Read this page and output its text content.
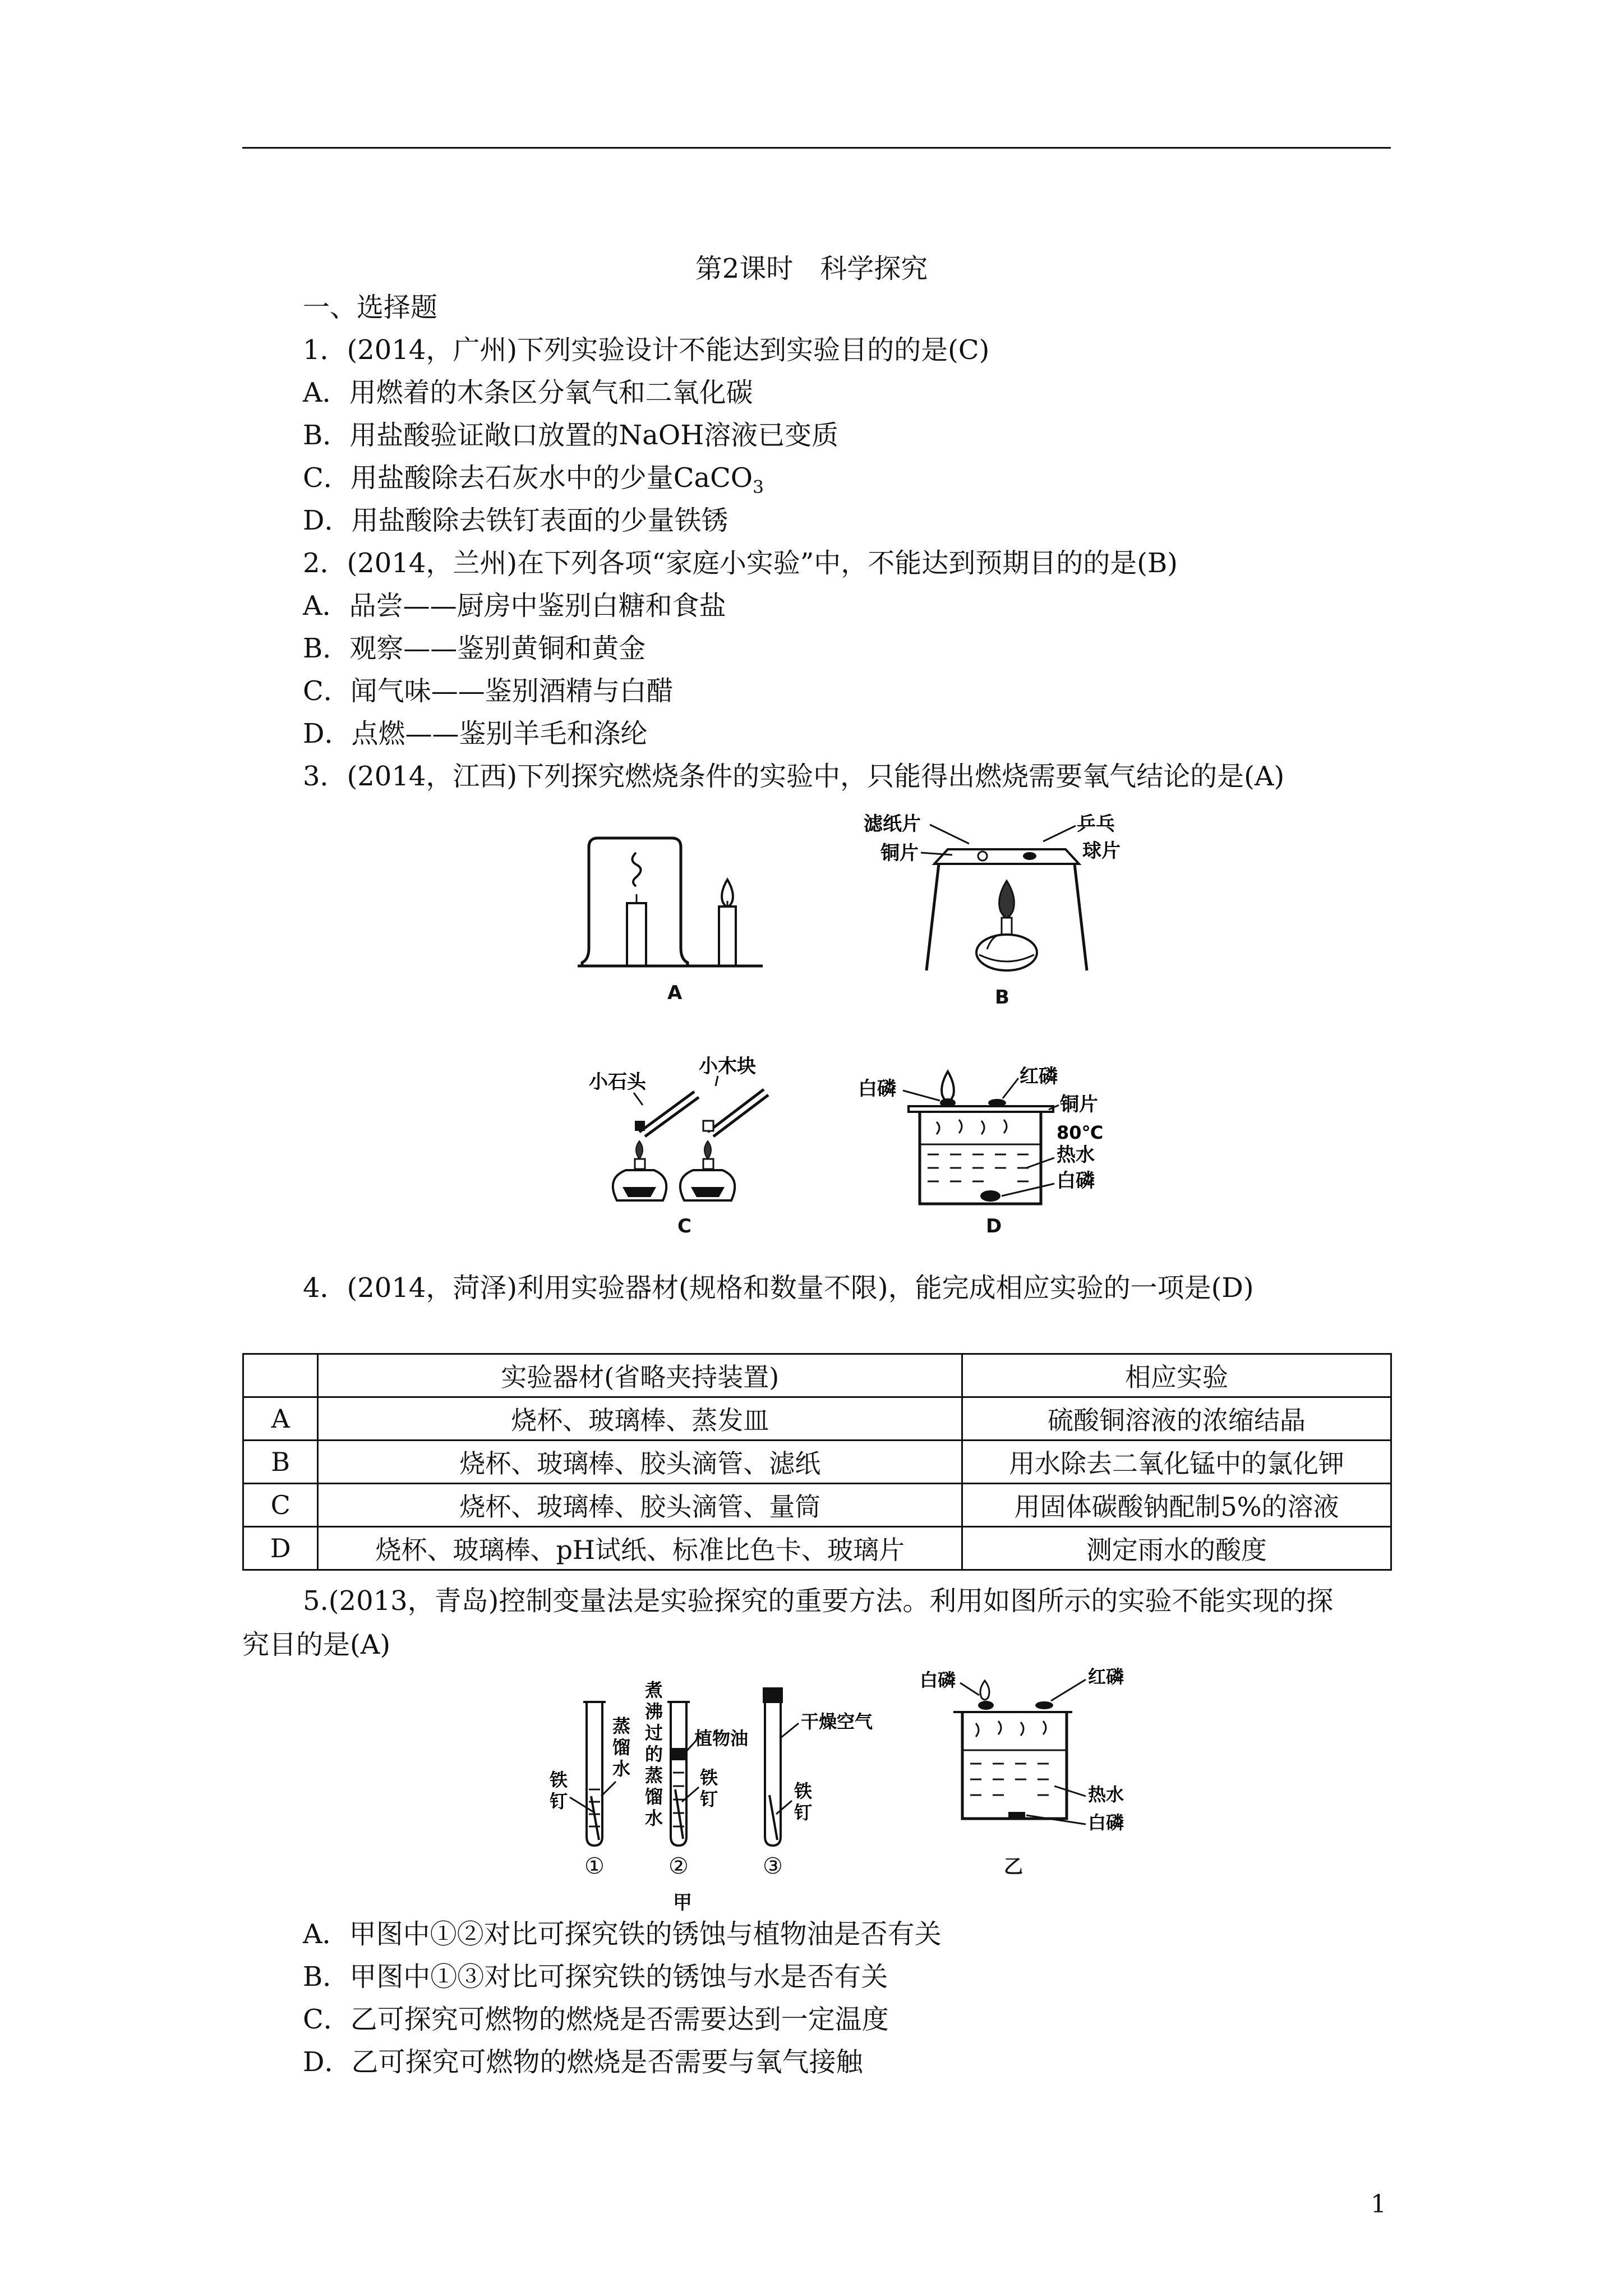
第2课时　科学探究
一、选择题
1．(2014，广州)下列实验设计不能达到实验目的的是(C)
A．用燃着的木条区分氧气和二氧化碳
B．用盐酸验证敞口放置的NaOH溶液已变质
C．用盐酸除去石灰水中的少量CaCO$_3$
D．用盐酸除去铁钉表面的少量铁锈
2．(2014，兰州)在下列各项“家庭小实验”中，不能达到预期目的的是(B)
A．品尝——厨房中鉴别白糖和食盐
B．观察——鉴别黄铜和黄金
C．闻气味——鉴别酒精与白醋
D．点燃——鉴别羊毛和涤纶
3．(2014，江西)下列探究燃烧条件的实验中，只能得出燃烧需要氧气结论的是(A)
A
滤纸片
铜片
乒乓
球片
B
小石头
小木块
C
白磷
红磷
铜片
80℃
热水
白磷
D
4．(2014，菏泽)利用实验器材(规格和数量不限)，能完成相应实验的一项是(D)
	实验器材(省略夹持装置)	相应实验
A	烧杯、玻璃棒、蒸发皿	硫酸铜溶液的浓缩结晶
B	烧杯、玻璃棒、胶头滴管、滤纸	用水除去二氧化锰中的氯化钾
C	烧杯、玻璃棒、胶头滴管、量筒	用固体碳酸钠配制5%的溶液
D	烧杯、玻璃棒、pH试纸、标准比色卡、玻璃片	测定雨水的酸度
5.(2013，青岛)控制变量法是实验探究的重要方法。利用如图所示的实验不能实现的探
究目的是(A)
铁
钉
蒸
馏
水
煮
沸
过
的
蒸
馏
水
植物油
铁
钉
干燥空气
铁
钉
①	②	③
甲
白磷	红磷
热水
白磷
乙
A．甲图中①②对比可探究铁的锈蚀与植物油是否有关
B．甲图中①③对比可探究铁的锈蚀与水是否有关
C．乙可探究可燃物的燃烧是否需要达到一定温度
D．乙可探究可燃物的燃烧是否需要与氧气接触
1
